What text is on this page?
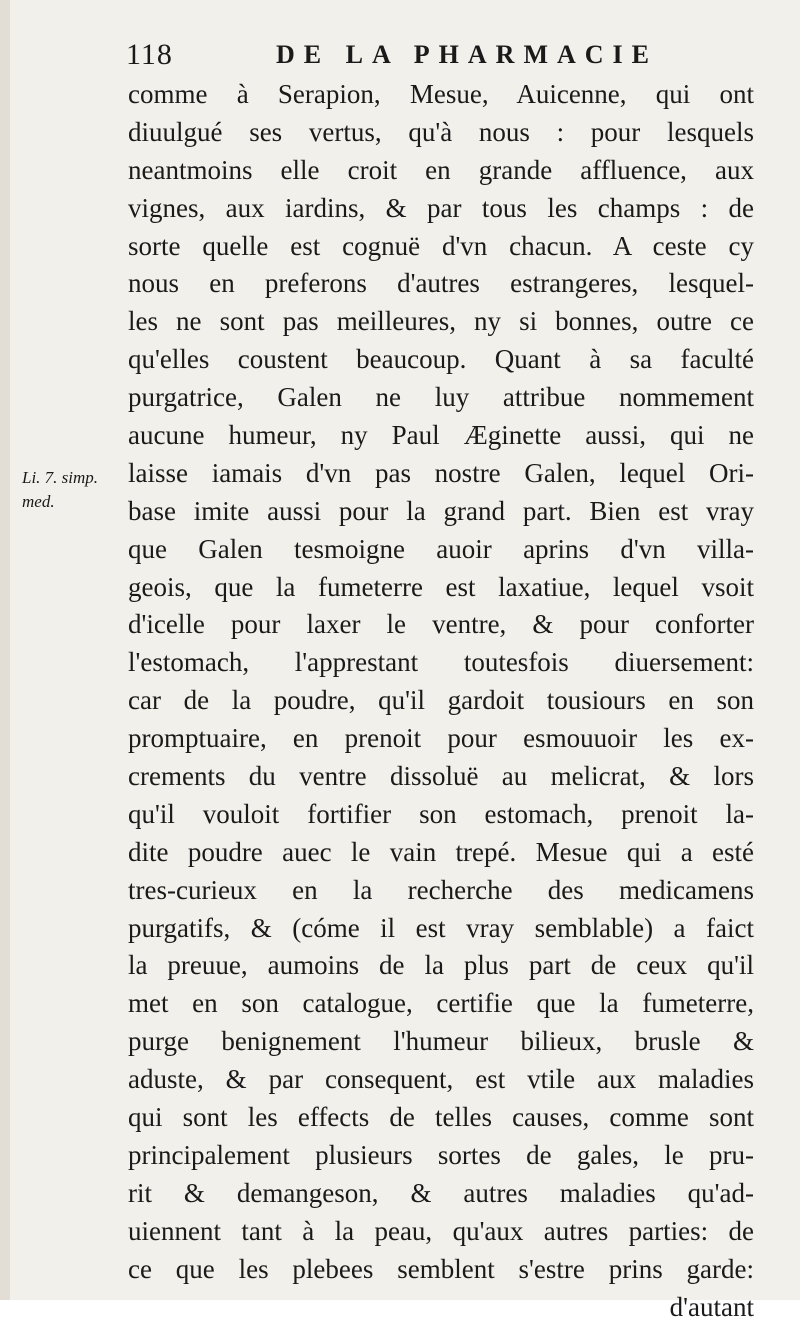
118	DE LA PHARMACIE
Li. 7. simp.
med.
comme à Serapion, Mesue, Auicenne, qui ont
diuulgué ses vertus, qu'à nous : pour lesquels
neantmoins elle croit en grande affluence, aux
vignes, aux iardins, & par tous les champs : de
sorte quelle est cognuë d'vn chacun. A ceste cy
nous en preferons d'autres estrangeres, lesquel-
les ne sont pas meilleures, ny si bonnes, outre ce
qu'elles coustent beaucoup. Quant à sa faculté
purgatrice, Galen ne luy attribue nommement
aucune humeur, ny Paul Æginette aussi, qui ne
laisse iamais d'vn pas nostre Galen, lequel Ori-
base imite aussi pour la grand part. Bien est vray
que Galen tesmoigne auoir aprins d'vn villa-
geois, que la fumeterre est laxatiue, lequel vsoit
d'icelle pour laxer le ventre, & pour conforter
l'estomach, l'apprestant toutesfois diuersement:
car de la poudre, qu'il gardoit tousiours en son
promptuaire, en prenoit pour esmouuoir les ex-
crements du ventre dissoluë au melicrat, & lors
qu'il vouloit fortifier son estomach, prenoit la-
dite poudre auec le vain trepé. Mesue qui a esté
tres-curieux en la recherche des medicamens
purgatifs, & (cóme il est vray semblable) a faict
la preuue, aumoins de la plus part de ceux qu'il
met en son catalogue, certifie que la fumeterre,
purge benignement l'humeur bilieux, brusle &
aduste, & par consequent, est vtile aux maladies
qui sont les effects de telles causes, comme sont
principalement plusieurs sortes de gales, le pru-
rit & demangeson, & autres maladies qu'ad-
uiennent tant à la peau, qu'aux autres parties: de
ce que les plebees semblent s'estre prins garde:
d'autant
